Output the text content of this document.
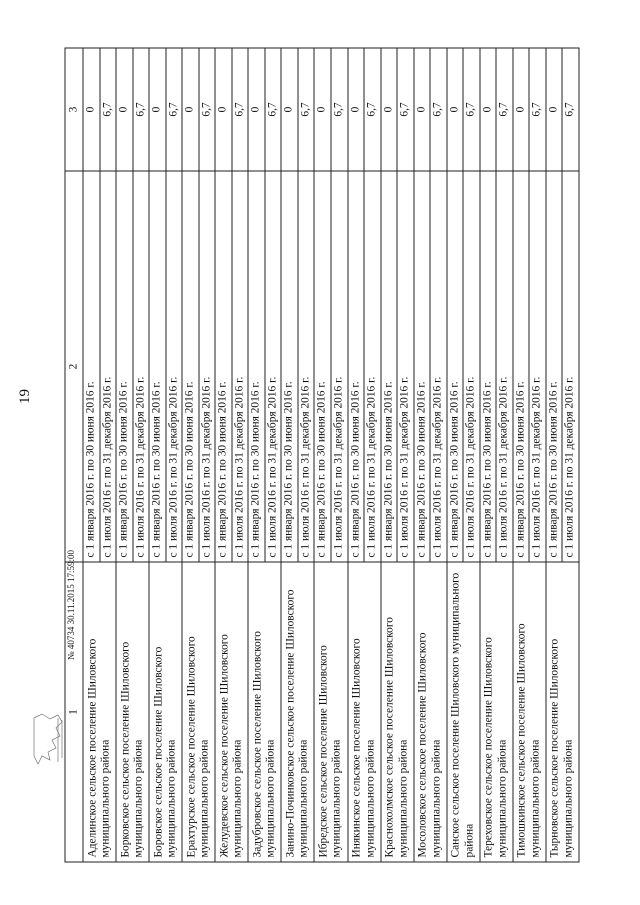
19
1	2	3
Аделинское сельское поселение Шиловского муниципального района	с 1 января 2016 г. по 30 июня 2016 г.	0
	с 1 июля 2016 г. по 31 декабря 2016 г.	6,7
Борковское сельское поселение Шиловского муниципального района	с 1 января 2016 г. по 30 июня 2016 г.	0
	с 1 июля 2016 г. по 31 декабря 2016 г.	6,7
Боровское сельское поселение Шиловского муниципального района	с 1 января 2016 г. по 30 июня 2016 г.	0
	с 1 июля 2016 г. по 31 декабря 2016 г.	6,7
Ерахтурское сельское поселение Шиловского муниципального района	с 1 января 2016 г. по 30 июня 2016 г.	0
	с 1 июля 2016 г. по 31 декабря 2016 г.	6,7
Желудевское сельское поселение Шиловского муниципального района	с 1 января 2016 г. по 30 июня 2016 г.	0
	с 1 июля 2016 г. по 31 декабря 2016 г.	6,7
Задубровское сельское поселение Шиловского муниципального района	с 1 января 2016 г. по 30 июня 2016 г.	0
	с 1 июля 2016 г. по 31 декабря 2016 г.	6,7
Занино-Починковское сельское поселение Шиловского муниципального района	с 1 января 2016 г. по 30 июня 2016 г.	0
	с 1 июля 2016 г. по 31 декабря 2016 г.	6,7
Ибредское сельское поселение Шиловского муниципального района	с 1 января 2016 г. по 30 июня 2016 г.	0
	с 1 июля 2016 г. по 31 декабря 2016 г.	6,7
Инякинское сельское поселение Шиловского муниципального района	с 1 января 2016 г. по 30 июня 2016 г.	0
	с 1 июля 2016 г. по 31 декабря 2016 г.	6,7
Краснохолмское сельское поселение Шиловского муниципального района	с 1 января 2016 г. по 30 июня 2016 г.	0
	с 1 июля 2016 г. по 31 декабря 2016 г.	6,7
Мосоловское сельское поселение Шиловского муниципального района	с 1 января 2016 г. по 30 июня 2016 г.	0
	с 1 июля 2016 г. по 31 декабря 2016 г.	6,7
Санское сельское поселение Шиловского муниципального района	с 1 января 2016 г. по 30 июня 2016 г.	0
	с 1 июля 2016 г. по 31 декабря 2016 г.	6,7
Тереховское сельское поселение Шиловского муниципального района	с 1 января 2016 г. по 30 июня 2016 г.	0
	с 1 июля 2016 г. по 31 декабря 2016 г.	6,7
Тимошкинское сельское поселение Шиловского муниципального района	с 1 января 2016 г. по 30 июня 2016 г.	0
	с 1 июля 2016 г. по 31 декабря 2016 г.	6,7
Тырновское сельское поселение Шиловского муниципального района	с 1 января 2016 г. по 30 июня 2016 г.	0
	с 1 июля 2016 г. по 31 декабря 2016 г.	6,7
№ 40734 30.11.2015 17:59:00
